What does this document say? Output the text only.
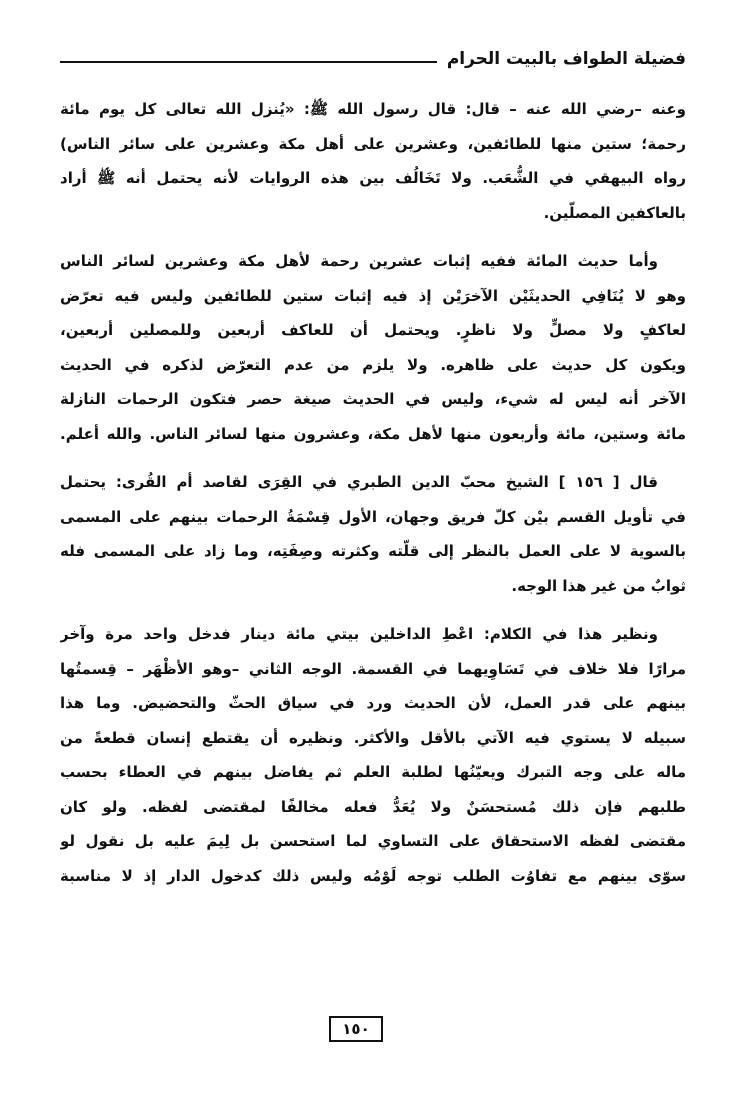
فضيلة الطواف بالبيت الحرام
وعنه –رضي الله عنه – قال: قال رسول الله ﷺ: «يُنزل الله تعالى كل يوم مائة
رحمة؛ ستين منها للطائفين، وعشرين على أهل مكة وعشرين على سائر الناس)
رواه البيهقي في الشُّعَب. ولا تَخَالُف بين هذه الروايات لأنه يحتمل أنه ﷺ أراد
بالعاكفين المصلّين.
وأما حديث المائة ففيه إثبات عشرين رحمة لأهل مكة وعشرين لسائر الناس
وهو لا يُنَافِي الحديثَيْن الآخرَيْن إذ فيه إثبات ستين للطائفين وليس فيه تعرّض
لعاكفٍ ولا مصلٍّ ولا ناظرٍ. ويحتمل أن للعاكف أربعين وللمصلين أربعين،
ويكون كل حديث على ظاهره. ولا يلزم من عدم التعرّض لذكره في الحديث
الآخر أنه ليس له شيء، وليس في الحديث صيغة حصر فتكون الرحمات النازلة
مائة وستين، مائة وأربعون منها لأهل مكة، وعشرون منها لسائر الناس. والله أعلم.
قال [ ١٥٦ ] الشيخ محبّ الدين الطبري في القِرَى لقاصد أم القُرى: يحتمل
في تأويل القسم بيْن كلّ فريق وجهان، الأول قِسْمَةُ الرحمات بينهم على المسمى
بالسوية لا على العمل بالنظر إلى قلّته وكثرته وصِفَتِه، وما زاد على المسمى فله
ثوابٌ من غير هذا الوجه.
ونظير هذا في الكلام: اعْطِ الداخلين بيتي مائة دينار فدخل واحد مرة وآخر
مرارًا فلا خلاف في تَسَاوِيهما في القسمة. الوجه الثاني –وهو الأظْهَر – قِسمتُها
بينهم على قدر العمل، لأن الحديث ورد في سياق الحثّ والتحضيض. وما هذا
سبيله لا يستوي فيه الآتي بالأقل والأكثر. ونظيره أن يقتطع إنسان قطعةً من
ماله على وجه التبرك ويعيّنُها لطلبة العلم ثم يفاضل بينهم في العطاء بحسب
طلبهم فإن ذلك مُستحسَنٌ ولا يُعَدُّ فعله مخالفًا لمقتضى لفظه. ولو كان
مقتضى لفظه الاستحقاق على التساوي لما استحسن بل لِيمَ عليه بل نقول لو
سوّى بينهم مع تفاوُت الطلب توجه لَوْمُه وليس ذلك كدخول الدار إذ لا مناسبة
١٥٠
